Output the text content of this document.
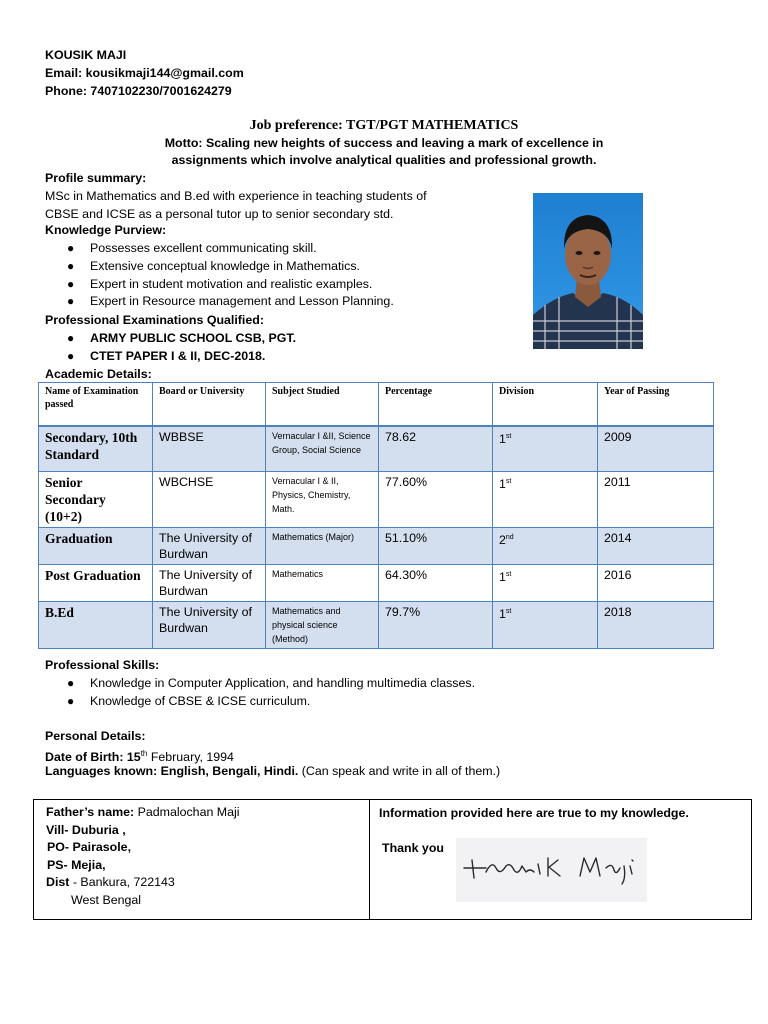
KOUSIK MAJI
Email: kousikmaji144@gmail.com
Phone: 7407102230/7001624279
Job preference: TGT/PGT MATHEMATICS
Motto: Scaling new heights of success and leaving a mark of excellence in
assignments which involve analytical qualities and professional growth.
Profile summary:
MSc in Mathematics and B.ed with experience in teaching students of
CBSE and ICSE as a personal tutor up to senior secondary std.
Knowledge Purview:
● Possesses excellent communicating skill.
● Extensive conceptual knowledge in Mathematics.
● Expert in student motivation and realistic examples.
● Expert in Resource management and Lesson Planning.
Professional Examinations Qualified:
● ARMY PUBLIC SCHOOL CSB, PGT.
● CTET PAPER I & II, DEC-2018.
Academic Details:
Name of Examination passed	Board or University	Subject Studied	Percentage	Division	Year of Passing
Secondary, 10th Standard	WBBSE	Vernacular I &II, Science Group, Social Science	78.62	1st	2009
Senior Secondary (10+2)	WBCHSE	Vernacular I & II, Physics, Chemistry, Math.	77.60%	1st	2011
Graduation	The University of Burdwan	Mathematics (Major)	51.10%	2nd	2014
Post Graduation	The University of Burdwan	Mathematics	64.30%	1st	2016
B.Ed	The University of Burdwan	Mathematics and physical science (Method)	79.7%	1st	2018
Professional Skills:
● Knowledge in Computer Application, and handling multimedia classes.
● Knowledge of CBSE & ICSE curriculum.
Personal Details:
Date of Birth: 15th February, 1994
Languages known: English, Bengali, Hindi. (Can speak and write in all of them.)
Father’s name: Padmalochan Maji
Vill- Duburia ,
PO- Pairasole,
PS- Mejia,
Dist - Bankura, 722143
West Bengal
Information provided here are true to my knowledge.
Thank you
